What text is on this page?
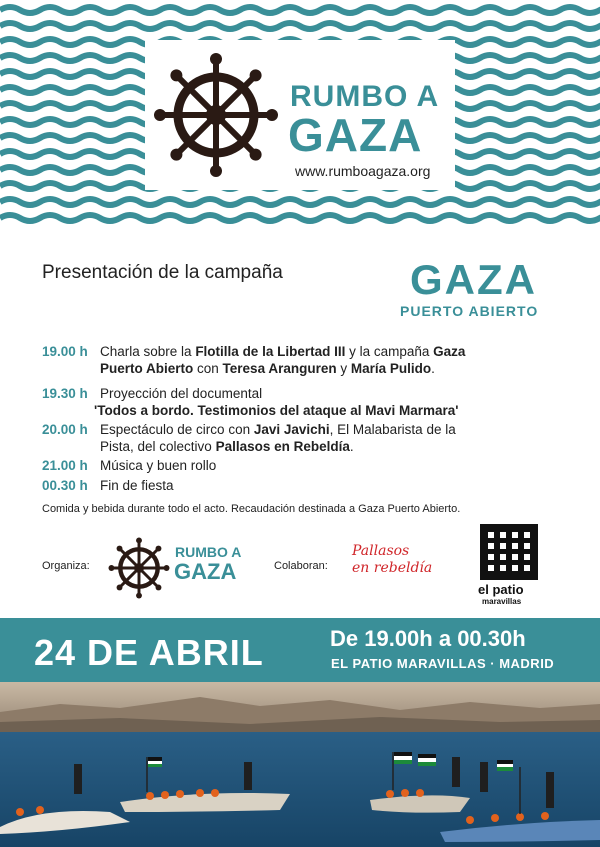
RUMBO A
GAZA
www.rumboagaza.org
Presentación de la campaña	GAZA
PUERTO ABIERTO
19.00 h Charla sobre la Flotilla de la Libertad III y la campaña Gaza
Puerto Abierto con Teresa Aranguren y María Pulido.
19.30 h Proyección del documental
'Todos a bordo. Testimonios del ataque al Mavi Marmara'
20.00 h Espectáculo de circo con Javi Javichi, El Malabarista de la
Pista, del colectivo Pallasos en Rebeldía.
21.00 h Música y buen rollo
00.30 h Fin de fiesta
Comida y bebida durante todo el acto. Recaudación destinada a Gaza Puerto Abierto.
Organiza:
RUMBO A
GAZA	Colaboran:
Pallasos
en rebeldía
el patio
maravillas
24 DE ABRIL	De 19.00h a 00.30h
EL PATIO MARAVILLAS · MADRID
